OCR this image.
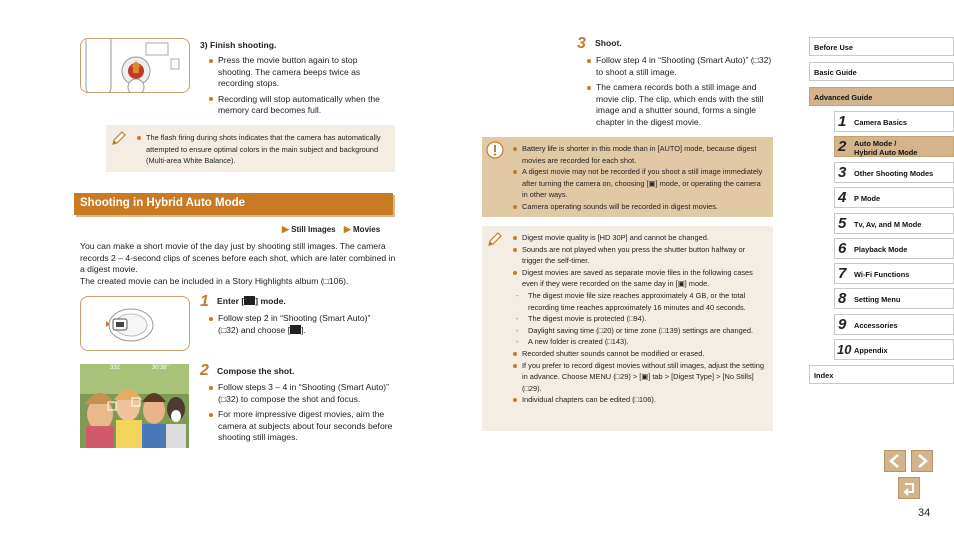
3) Finish shooting.
Press the movie button again to stop shooting. The camera beeps twice as recording stops.
Recording will stop automatically when the memory card becomes full.
The flash firing during shots indicates that the camera has automatically attempted to ensure optimal colors in the main subject and background (Multi-area White Balance).
Shooting in Hybrid Auto Mode
▶ Still Images ▶ Movies
You can make a short movie of the day just by shooting still images. The camera records 2 – 4-second clips of scenes before each shot, which are later combined in a digest movie.
The created movie can be included in a Story Highlights album (□106).
1 Enter [ ] mode.
Follow step 2 in “Shooting (Smart Auto)” (□32) and choose [ ].
332	30'38" 2 Compose the shot.
Follow steps 3 – 4 in “Shooting (Smart Auto)” (□32) to compose the shot and focus.
For more impressive digest movies, aim the camera at subjects about four seconds before shooting still images.
3 Shoot.
Follow step 4 in “Shooting (Smart Auto)” (□32) to shoot a still image.
The camera records both a still image and movie clip. The clip, which ends with the still image and a shutter sound, forms a single chapter in the digest movie.
Battery life is shorter in this mode than in [AUTO] mode, because digest movies are recorded for each shot.
A digest movie may not be recorded if you shoot a still image immediately after turning the camera on, choosing [▣] mode, or operating the camera in other ways.
Camera operating sounds will be recorded in digest movies.
Digest movie quality is [HD 30P] and cannot be changed.
Sounds are not played when you press the shutter button halfway or trigger the self-timer.
Digest movies are saved as separate movie files in the following cases even if they were recorded on the same day in [▣] mode.
- The digest movie file size reaches approximately 4 GB, or the total recording time reaches approximately 16 minutes and 40 seconds.
- The digest movie is protected (□94).
- Daylight saving time (□20) or time zone (□139) settings are changed.
- A new folder is created (□143).
Recorded shutter sounds cannot be modified or erased.
If you prefer to record digest movies without still images, adjust the setting in advance. Choose MENU (□29) > [▣] tab > [Digest Type] > [No Stills] (□29).
Individual chapters can be edited (□106).
Before Use
Basic Guide
Advanced Guide
1 Camera Basics
2 Auto Mode /
Hybrid Auto Mode
3 Other Shooting Modes
4 P Mode
5 Tv, Av, and M Mode
6 Playback Mode
7 Wi-Fi Functions
8 Setting Menu
9 Accessories
10 Appendix
Index
34
